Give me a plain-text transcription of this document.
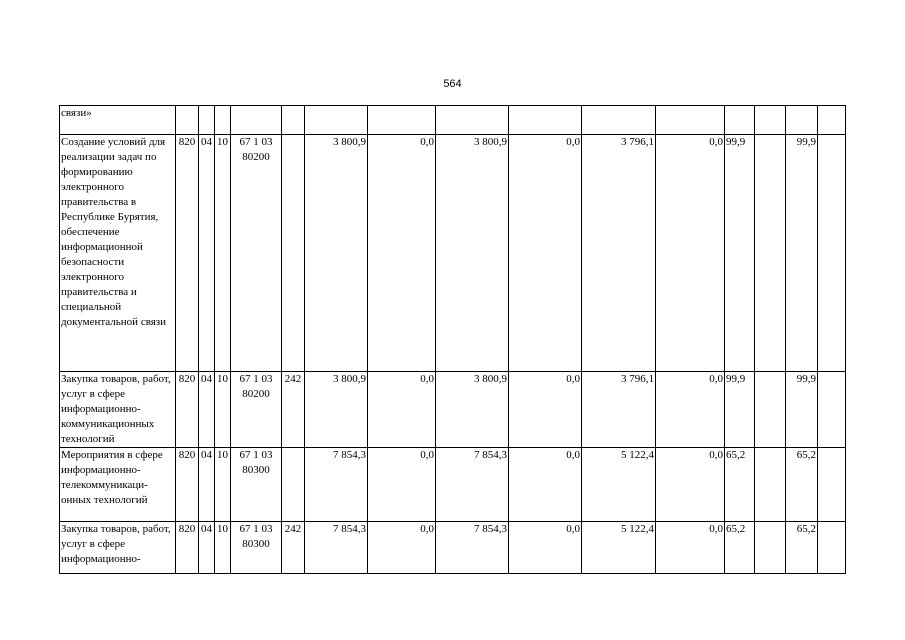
564
связи»															
Создание условий для реализации задач по формированию электронного правительства в Республике Бурятия, обеспечение информационной безопасности электронного правительства и специальной документальной связи	820	04	10	67 1 03 80200		3 800,9	0,0	3 800,9	0,0	3 796,1	0,0	99,9		99,9	
Закупка товаров, работ, услуг в сфере информационно-коммуникационных технологий	820	04	10	67 1 03 80200	242	3 800,9	0,0	3 800,9	0,0	3 796,1	0,0	99,9		99,9	
Мероприятия в сфере информационно-телекоммуникаци-онных технологий	820	04	10	67 1 03 80300		7 854,3	0,0	7 854,3	0,0	5 122,4	0,0	65,2		65,2	
Закупка товаров, работ, услуг в сфере информационно-	820	04	10	67 1 03 80300	242	7 854,3	0,0	7 854,3	0,0	5 122,4	0,0	65,2		65,2	
